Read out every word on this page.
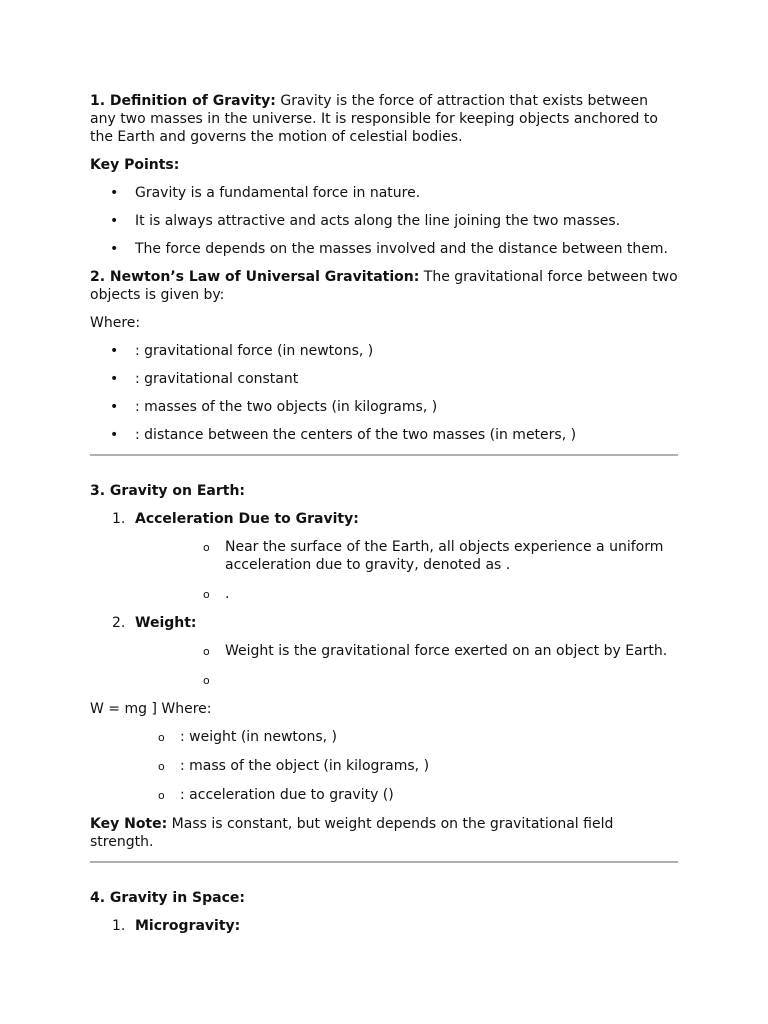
1. Definition of Gravity: Gravity is the force of attraction that exists between any two masses in the universe. It is responsible for keeping objects anchored to the Earth and governs the motion of celestial bodies.

Key Points:

• Gravity is a fundamental force in nature.
• It is always attractive and acts along the line joining the two masses.
• The force depends on the masses involved and the distance between them.

2. Newton’s Law of Universal Gravitation: The gravitational force between two objects is given by:

Where:

• : gravitational force (in newtons, )
• : gravitational constant
• : masses of the two objects (in kilograms, )
• : distance between the centers of the two masses (in meters, )

3. Gravity on Earth:

1. Acceleration Due to Gravity:
o Near the surface of the Earth, all objects experience a uniform acceleration due to gravity, denoted as .
o .
2. Weight:
o Weight is the gravitational force exerted on an object by Earth.
o

W = mg ] Where:

o : weight (in newtons, )
o : mass of the object (in kilograms, )
o : acceleration due to gravity ()

Key Note: Mass is constant, but weight depends on the gravitational field strength.

4. Gravity in Space:

1. Microgravity:
